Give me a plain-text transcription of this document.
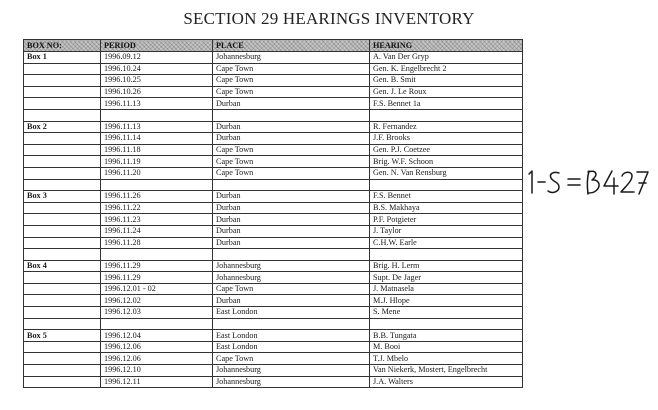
SECTION 29 HEARINGS INVENTORY
BOX NO:	PERIOD	PLACE	HEARING
Box 1	1996.09.12	Johannesburg	A. Van Der Gryp
	1996.10.24	Cape Town	Gen. K. Engelbrecht 2
	1996.10.25	Cape Town	Gen. B. Smit
	1996.10.26	Cape Town	Gen. J. Le Roux
	1996.11.13	Durban	F.S. Bennet 1a

Box 2	1996.11.13	Durban	R. Fernandez
	1996.11.14	Durban	J.F. Brooks
	1996.11.18	Cape Town	Gen. P.J. Coetzee
	1996.11.19	Cape Town	Brig. W.F. Schoon
	1996.11.20	Cape Town	Gen. N. Van Rensburg

Box 3	1996.11.26	Durban	F.S. Bennet
	1996.11.22	Durban	B.S. Makhaya
	1996.11.23	Durban	P.F. Potgieter
	1996.11.24	Durban	J. Taylor
	1996.11.28	Durban	C.H.W. Earle

Box 4	1996.11.29	Johannesburg	Brig. H. Lerm
	1996.11.29	Johannesburg	Supt. De Jager
	1996.12.01 - 02	Cape Town	J. Matnasela
	1996.12.02	Durban	M.J. Hlope
	1996.12.03	East London	S. Mene

Box 5	1996.12.04	East London	B.B. Tungata
	1996.12.06	East London	M. Booi
	1996.12.06	Cape Town	T.J. Mbelo
	1996.12.10	Johannesburg	Van Niekerk, Mostert, Engelbrecht
	1996.12.11	Johannesburg	J.A. Walters
